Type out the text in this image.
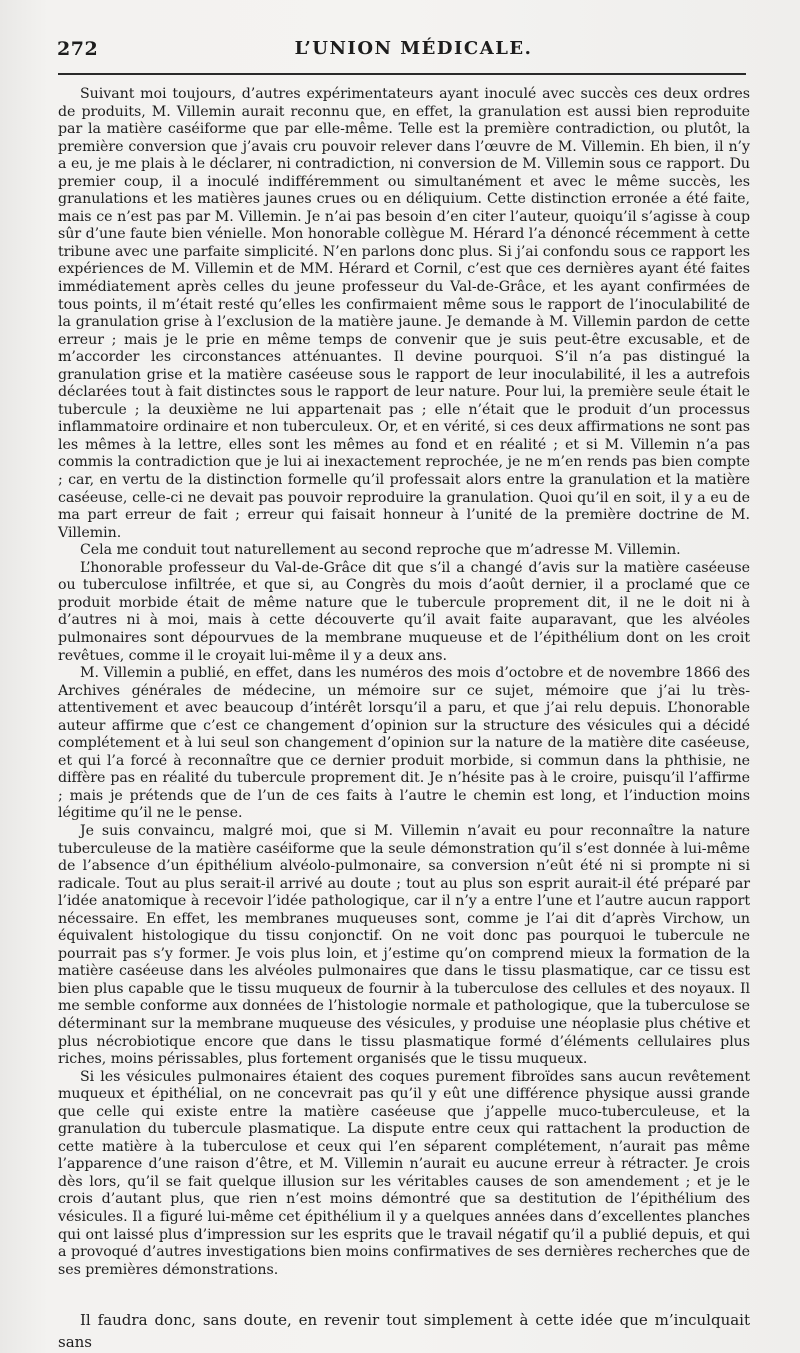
272	L’UNION MÉDICALE.

Suivant moi toujours, d’autres expérimentateurs ayant inoculé avec succès ces deux ordres de produits, M. Villemin aurait reconnu que, en effet, la granulation est aussi bien reproduite par la matière caséiforme que par elle-même. Telle est la première contradiction, ou plutôt, la première conversion que j’avais cru pouvoir relever dans l’œuvre de M. Villemin. Eh bien, il n’y a eu, je me plais à le déclarer, ni contradiction, ni conversion de M. Villemin sous ce rapport. Du premier coup, il a inoculé indifféremment ou simultanément et avec le même succès, les granulations et les matières jaunes crues ou en déliquium. Cette distinction erronée a été faite, mais ce n’est pas par M. Villemin. Je n’ai pas besoin d’en citer l’auteur, quoiqu’il s’agisse à coup sûr d’une faute bien vénielle. Mon honorable collègue M. Hérard l’a dénoncé récemment à cette tribune avec une parfaite simplicité. N’en parlons donc plus. Si j’ai confondu sous ce rapport les expériences de M. Villemin et de MM. Hérard et Cornil, c’est que ces dernières ayant été faites immédiatement après celles du jeune professeur du Val-de-Grâce, et les ayant confirmées de tous points, il m’était resté qu’elles les confirmaient même sous le rapport de l’inoculabilité de la granulation grise à l’exclusion de la matière jaune. Je demande à M. Villemin pardon de cette erreur ; mais je le prie en même temps de convenir que je suis peut-être excusable, et de m’accorder les circonstances atténuantes. Il devine pourquoi. S’il n’a pas distingué la granulation grise et la matière caséeuse sous le rapport de leur inoculabilité, il les a autrefois déclarées tout à fait distinctes sous le rapport de leur nature. Pour lui, la première seule était le tubercule ; la deuxième ne lui appartenait pas ; elle n’était que le produit d’un processus inflammatoire ordinaire et non tuberculeux. Or, et en vérité, si ces deux affirmations ne sont pas les mêmes à la lettre, elles sont les mêmes au fond et en réalité ; et si M. Villemin n’a pas commis la contradiction que je lui ai inexactement reprochée, je ne m’en rends pas bien compte ; car, en vertu de la distinction formelle qu’il professait alors entre la granulation et la matière caséeuse, celle-ci ne devait pas pouvoir reproduire la granulation. Quoi qu’il en soit, il y a eu de ma part erreur de fait ; erreur qui faisait honneur à l’unité de la première doctrine de M. Villemin.

Cela me conduit tout naturellement au second reproche que m’adresse M. Villemin.

L’honorable professeur du Val-de-Grâce dit que s’il a changé d’avis sur la matière caséeuse ou tuberculose infiltrée, et que si, au Congrès du mois d’août dernier, il a proclamé que ce produit morbide était de même nature que le tubercule proprement dit, il ne le doit ni à d’autres ni à moi, mais à cette découverte qu’il avait faite auparavant, que les alvéoles pulmonaires sont dépourvues de la membrane muqueuse et de l’épithélium dont on les croit revêtues, comme il le croyait lui-même il y a deux ans.

M. Villemin a publié, en effet, dans les numéros des mois d’octobre et de novembre 1866 des Archives générales de médecine, un mémoire sur ce sujet, mémoire que j’ai lu très-attentivement et avec beaucoup d’intérêt lorsqu’il a paru, et que j’ai relu depuis. L’honorable auteur affirme que c’est ce changement d’opinion sur la structure des vésicules qui a décidé complétement et à lui seul son changement d’opinion sur la nature de la matière dite caséeuse, et qui l’a forcé à reconnaître que ce dernier produit morbide, si commun dans la phthisie, ne diffère pas en réalité du tubercule proprement dit. Je n’hésite pas à le croire, puisqu’il l’affirme ; mais je prétends que de l’un de ces faits à l’autre le chemin est long, et l’induction moins légitime qu’il ne le pense.

Je suis convaincu, malgré moi, que si M. Villemin n’avait eu pour reconnaître la nature tuberculeuse de la matière caséiforme que la seule démonstration qu’il s’est donnée à lui-même de l’absence d’un épithélium alvéolo-pulmonaire, sa conversion n’eût été ni si prompte ni si radicale. Tout au plus serait-il arrivé au doute ; tout au plus son esprit aurait-il été préparé par l’idée anatomique à recevoir l’idée pathologique, car il n’y a entre l’une et l’autre aucun rapport nécessaire. En effet, les membranes muqueuses sont, comme je l’ai dit d’après Virchow, un équivalent histologique du tissu conjonctif. On ne voit donc pas pourquoi le tubercule ne pourrait pas s’y former. Je vois plus loin, et j’estime qu’on comprend mieux la formation de la matière caséeuse dans les alvéoles pulmonaires que dans le tissu plasmatique, car ce tissu est bien plus capable que le tissu muqueux de fournir à la tuberculose des cellules et des noyaux. Il me semble conforme aux données de l’histologie normale et pathologique, que la tuberculose se déterminant sur la membrane muqueuse des vésicules, y produise une néoplasie plus chétive et plus nécrobiotique encore que dans le tissu plasmatique formé d’éléments cellulaires plus riches, moins périssables, plus fortement organisés que le tissu muqueux.

Si les vésicules pulmonaires étaient des coques purement fibroïdes sans aucun revêtement muqueux et épithélial, on ne concevrait pas qu’il y eût une différence physique aussi grande que celle qui existe entre la matière caséeuse que j’appelle muco-tuberculeuse, et la granulation du tubercule plasmatique. La dispute entre ceux qui rattachent la production de cette matière à la tuberculose et ceux qui l’en séparent complétement, n’aurait pas même l’apparence d’une raison d’être, et M. Villemin n’aurait eu aucune erreur à rétracter. Je crois dès lors, qu’il se fait quelque illusion sur les véritables causes de son amendement ; et je le crois d’autant plus, que rien n’est moins démontré que sa destitution de l’épithélium des vésicules. Il a figuré lui-même cet épithélium il y a quelques années dans d’excellentes planches qui ont laissé plus d’impression sur les esprits que le travail négatif qu’il a publié depuis, et qui a provoqué d’autres investigations bien moins confirmatives de ses dernières recherches que de ses premières démonstrations.

Il faudra donc, sans doute, en revenir tout simplement à cette idée que m’inculquait sans
